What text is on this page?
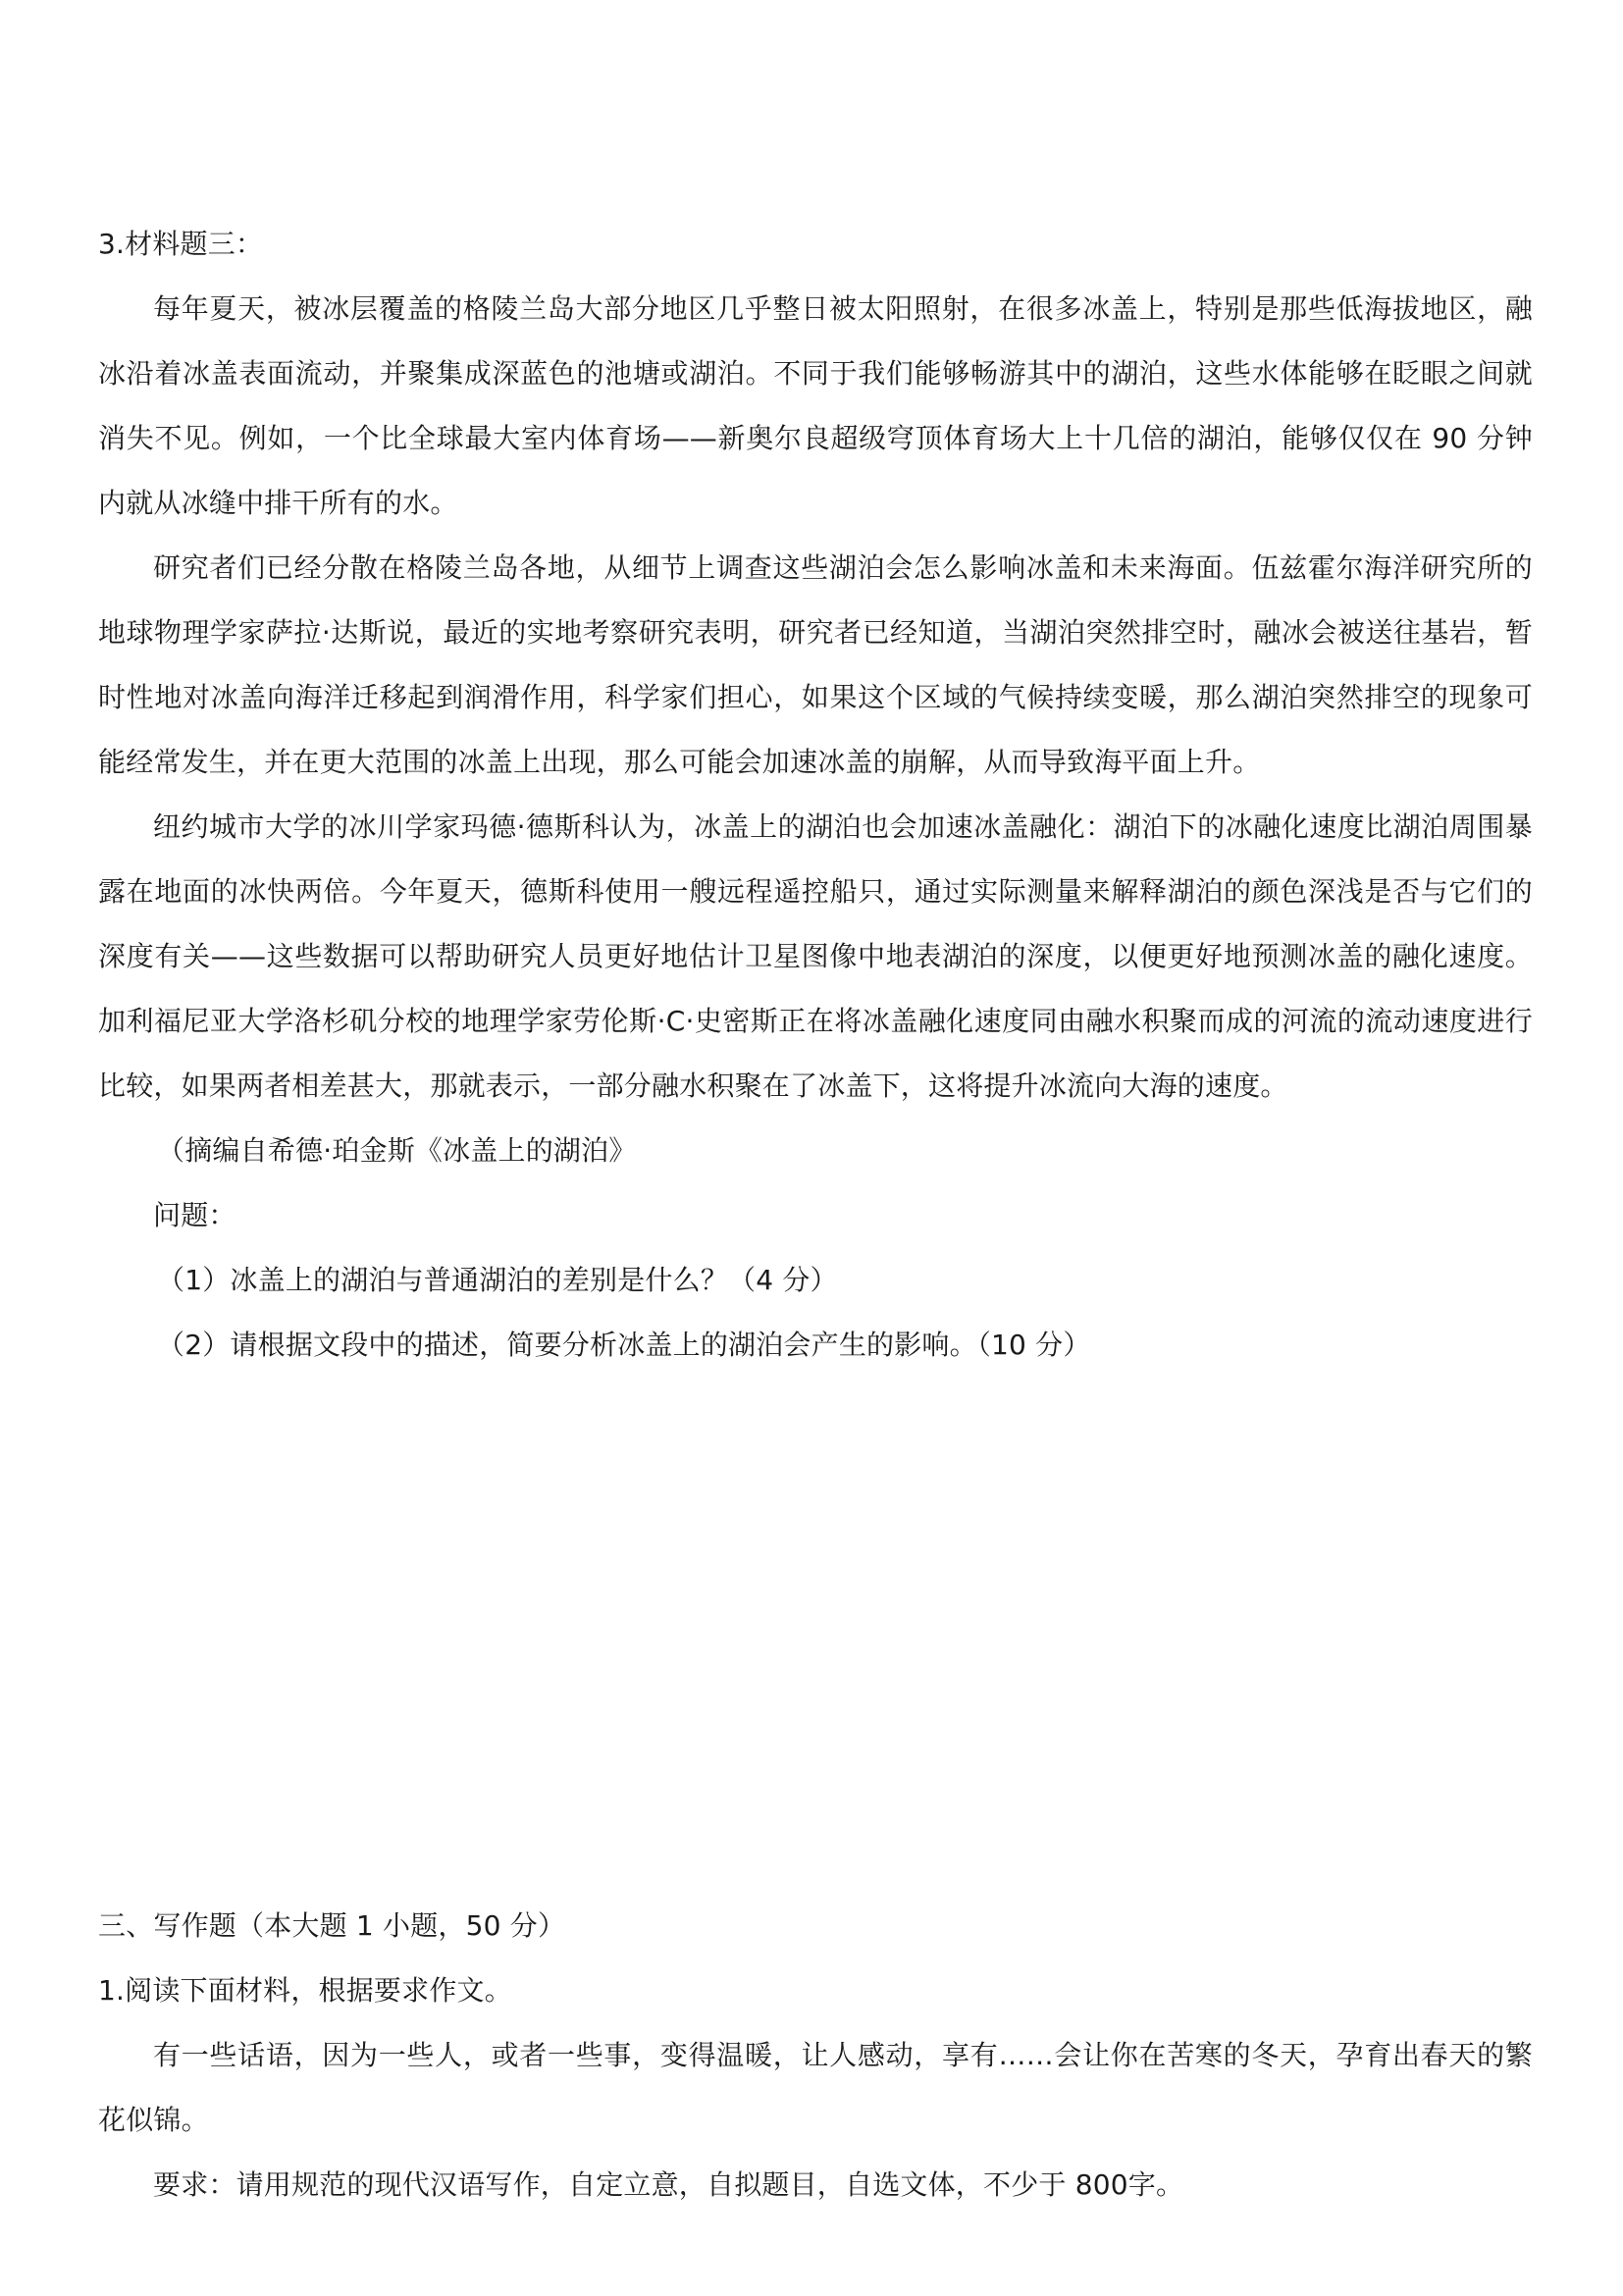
3.材料题三：

每年夏天，被冰层覆盖的格陵兰岛大部分地区几乎整日被太阳照射，在很多冰盖上，特别是那些低海拔地区，融冰沿着冰盖表面流动，并聚集成深蓝色的池塘或湖泊。不同于我们能够畅游其中的湖泊，这些水体能够在眨眼之间就消失不见。例如，一个比全球最大室内体育场——新奥尔良超级穹顶体育场大上十几倍的湖泊，能够仅仅在 90 分钟内就从冰缝中排干所有的水。

研究者们已经分散在格陵兰岛各地，从细节上调查这些湖泊会怎么影响冰盖和未来海面。伍兹霍尔海洋研究所的地球物理学家萨拉·达斯说，最近的实地考察研究表明，研究者已经知道，当湖泊突然排空时，融冰会被送往基岩，暂时性地对冰盖向海洋迁移起到润滑作用，科学家们担心，如果这个区域的气候持续变暖，那么湖泊突然排空的现象可能经常发生，并在更大范围的冰盖上出现，那么可能会加速冰盖的崩解，从而导致海平面上升。

纽约城市大学的冰川学家玛德·德斯科认为，冰盖上的湖泊也会加速冰盖融化：湖泊下的冰融化速度比湖泊周围暴露在地面的冰快两倍。今年夏天，德斯科使用一艘远程遥控船只，通过实际测量来解释湖泊的颜色深浅是否与它们的深度有关——这些数据可以帮助研究人员更好地估计卫星图像中地表湖泊的深度，以便更好地预测冰盖的融化速度。加利福尼亚大学洛杉矶分校的地理学家劳伦斯·C·史密斯正在将冰盖融化速度同由融水积聚而成的河流的流动速度进行比较，如果两者相差甚大，那就表示，一部分融水积聚在了冰盖下，这将提升冰流向大海的速度。

（摘编自希德·珀金斯《冰盖上的湖泊》

问题：

（1）冰盖上的湖泊与普通湖泊的差别是什么？（4 分）

（2）请根据文段中的描述，简要分析冰盖上的湖泊会产生的影响。（10 分）

三、写作题（本大题 1 小题，50 分）

1.阅读下面材料，根据要求作文。

有一些话语，因为一些人，或者一些事，变得温暖，让人感动，享有……会让你在苦寒的冬天，孕育出春天的繁花似锦。

要求：请用规范的现代汉语写作，自定立意，自拟题目，自选文体，不少于 800字。
